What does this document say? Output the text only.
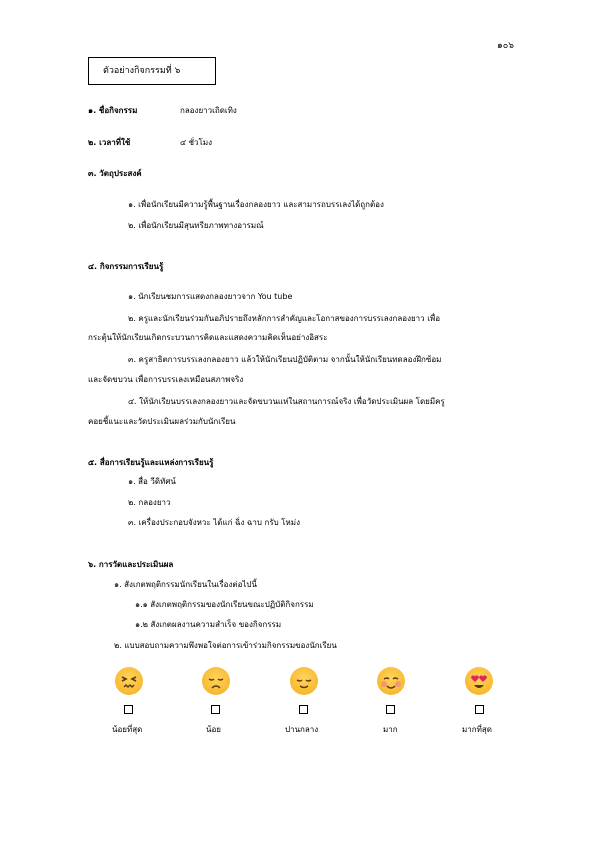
๑๐๖
ตัวอย่างกิจกรรมที่ ๖
๑. ชื่อกิจกรรม	กลองยาวเถิดเทิง
๒. เวลาที่ใช้	๔ ชั่วโมง
๓. วัตถุประสงค์
๑. เพื่อนักเรียนมีความรู้พื้นฐานเรื่องกลองยาว และสามารถบรรเลงได้ถูกต้อง
๒. เพื่อนักเรียนมีสุนทรียภาพทางอารมณ์
๔. กิจกรรมการเรียนรู้
๑. นักเรียนชมการแสดงกลองยาวจาก You tube
๒. ครูและนักเรียนร่วมกันอภิปรายถึงหลักการสำคัญและโอกาสของการบรรเลงกลองยาว เพื่อ
กระตุ้นให้นักเรียนเกิดกระบวนการคิดและแสดงความคิดเห็นอย่างอิสระ
๓. ครูสาธิตการบรรเลงกลองยาว แล้วให้นักเรียนปฏิบัติตาม จากนั้นให้นักเรียนทดลองฝึกซ้อม
และจัดขบวน เพื่อการบรรเลงเหมือนสภาพจริง
๔. ให้นักเรียนบรรเลงกลองยาวและจัดขบวนแห่ในสถานการณ์จริง เพื่อวัดประเมินผล โดยมีครู
คอยชี้แนะและวัดประเมินผลร่วมกับนักเรียน
๕. สื่อการเรียนรู้และแหล่งการเรียนรู้
๑. สื่อ วีดิทัศน์
๒. กลองยาว
๓. เครื่องประกอบจังหวะ ได้แก่ ฉิ่ง ฉาบ กรับ โหม่ง
๖. การวัดและประเมินผล
๑. สังเกตพฤติกรรมนักเรียนในเรื่องต่อไปนี้
๑.๑ สังเกตพฤติกรรมของนักเรียนขณะปฏิบัติกิจกรรม
๑.๒ สังเกตผลงานความสำเร็จ ของกิจกรรม
๒. แบบสอบถามความพึงพอใจต่อการเข้าร่วมกิจกรรมของนักเรียน
น้อยที่สุด	น้อย	ปานกลาง	มาก	มากที่สุด
